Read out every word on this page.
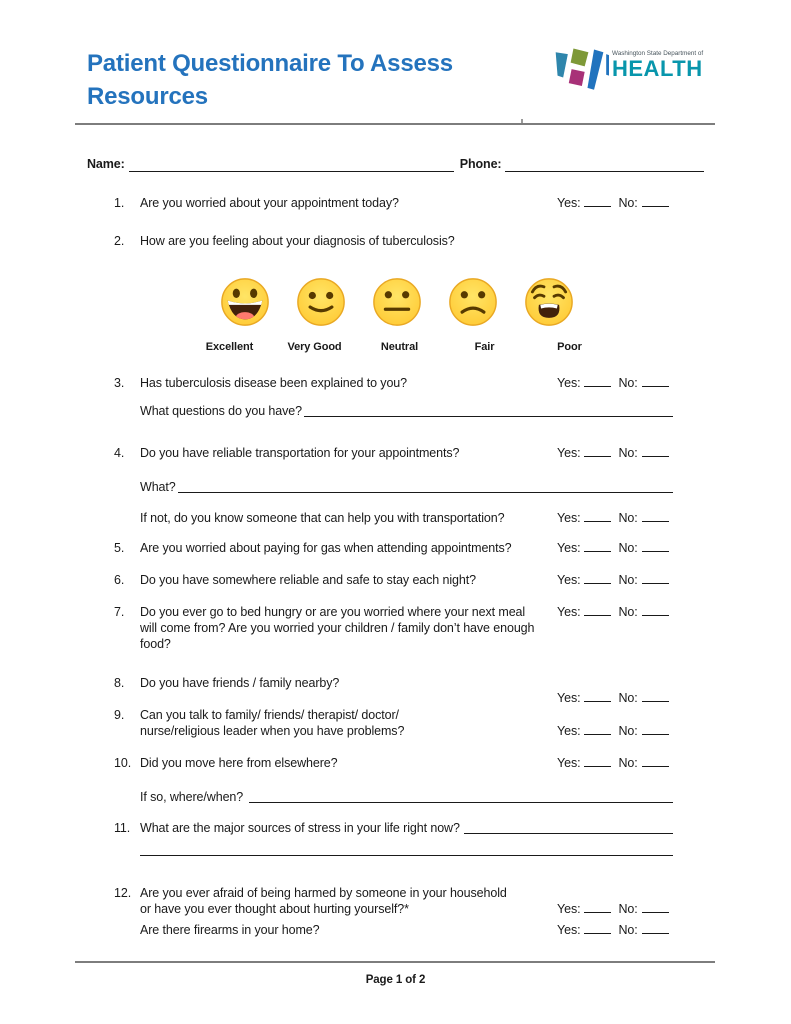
Patient Questionnaire To Assess
Resources
Washington State Department of
HEALTH
Name:	Phone:
1.	Are you worried about your appointment today?	Yes:	No:
2.	How are you feeling about your diagnosis of tuberculosis?
Excellent	Very Good	Neutral	Fair	Poor
3.	Has tuberculosis disease been explained to you?	Yes:	No:
What questions do you have?
4.	Do you have reliable transportation for your appointments?	Yes:	No:
What?
If not, do you know someone that can help you with transportation?	Yes:	No:
5.	Are you worried about paying for gas when attending appointments?	Yes:	No:
6.	Do you have somewhere reliable and safe to stay each night?	Yes:	No:
7.	Do you ever go to bed hungry or are you worried where your next meal will come from? Are you worried your children / family don’t have enough food?
Yes:	No:
8.	Do you have friends / family nearby?
Yes:	No:
9.	Can you talk to family/ friends/ therapist/ doctor/ nurse/religious leader when you have problems?	Yes:	No:
10. Did you move here from elsewhere?	Yes:	No:
If so, where/when?
11. What are the major sources of stress in your life right now?
12. Are you ever afraid of being harmed by someone in your household or have you ever thought about hurting yourself?*	Yes:	No:
Are there firearms in your home?	Yes:	No:
Page 1 of 2
